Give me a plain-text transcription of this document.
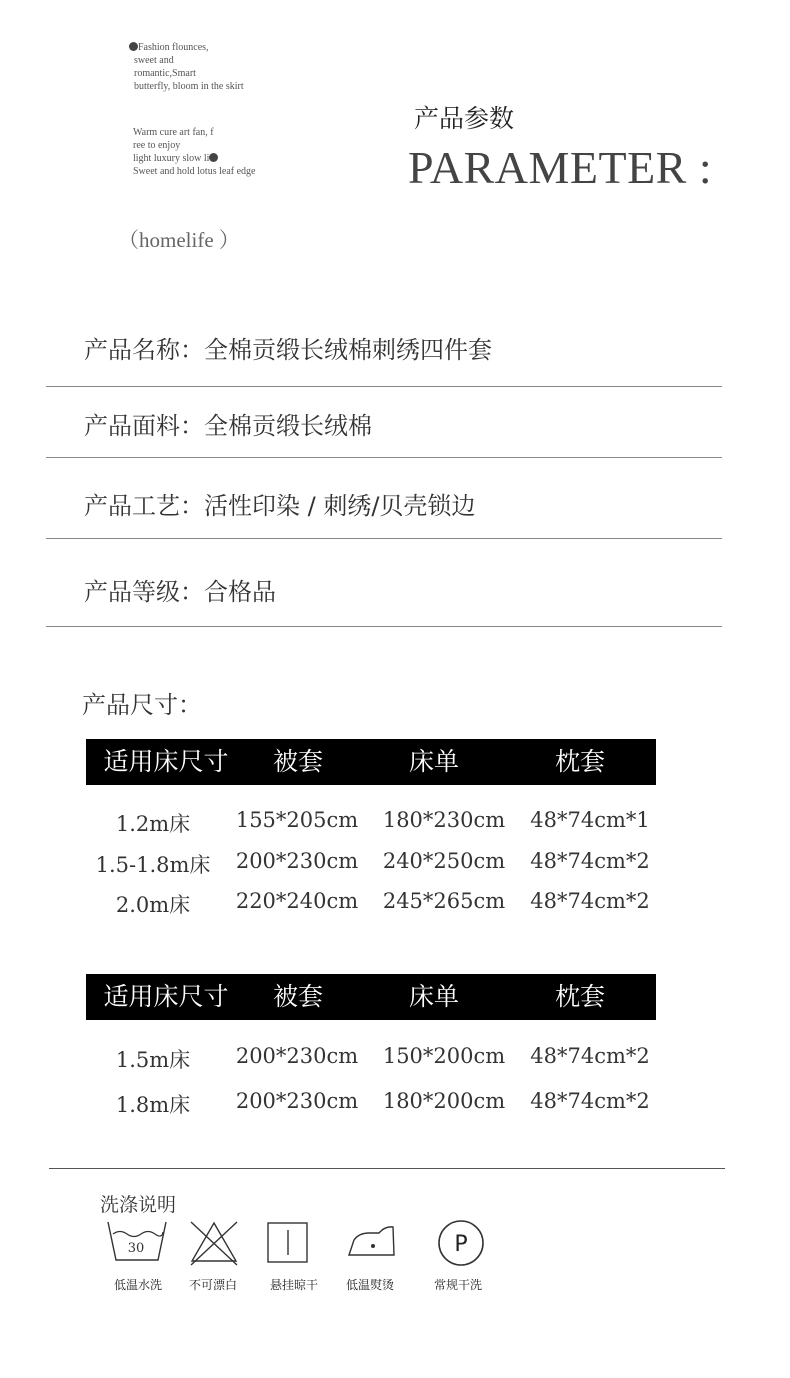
Fashion flounces,
sweet and
romantic,Smart
butterfly, bloom in the skirt
Warm cure art fan, f
ree to enjoy
light luxury slow li
Sweet and hold lotus leaf edge
产品参数
PARAMETER :
（homelife ）
产品名称：全棉贡缎长绒棉刺绣四件套
产品面料：全棉贡缎长绒棉
产品工艺：活性印染 / 刺绣/贝壳锁边
产品等级：合格品
产品尺寸：
适用床尺寸 被套	床单	枕套
1.2m床 155*205cm 180*230cm 48*74cm*1
1.5-1.8m床 200*230cm 240*250cm 48*74cm*2
2.0m床 220*240cm 245*265cm 48*74cm*2
适用床尺寸 被套	床单	枕套
1.5m床 200*230cm 150*200cm 48*74cm*2
1.8m床 200*230cm 180*200cm 48*74cm*2
洗涤说明
30	P
低温水洗 不可漂白	悬挂晾干 低温熨烫	常规干洗
